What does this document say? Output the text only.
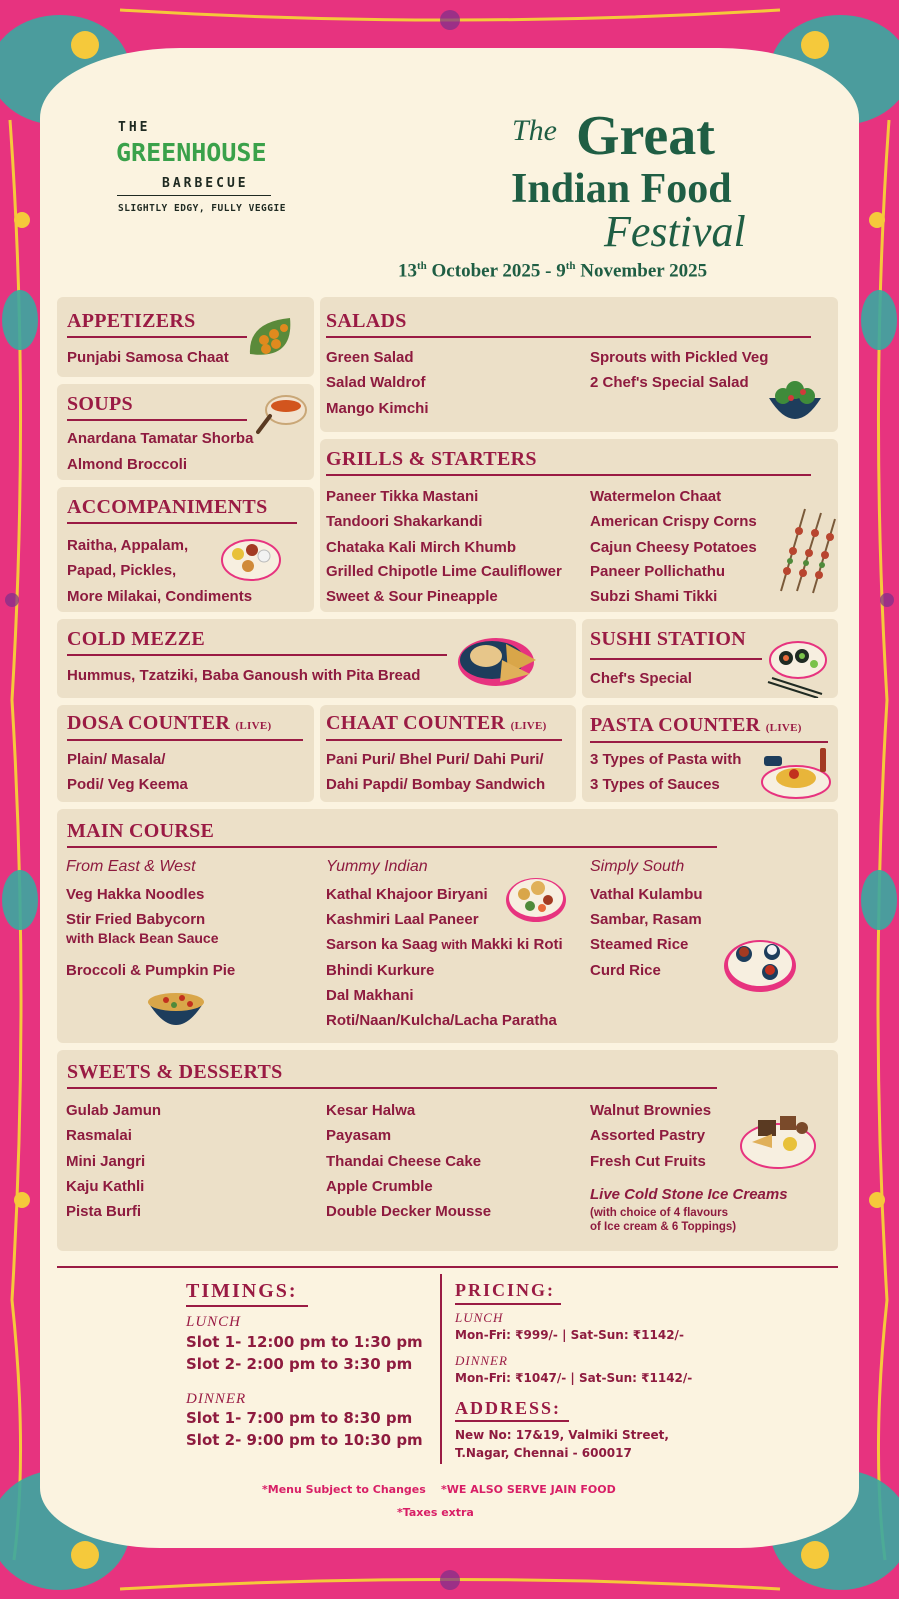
THE
GREENHOUSE
BARBECUE
SLIGHTLY EDGY, FULLY VEGGIE
The Great
Indian Food
Festival
13th October 2025 - 9th November 2025
APPETIZERS
Punjabi Samosa Chaat
SALADS
Green Salad
Salad Waldrof
Mango Kimchi
Sprouts with Pickled Veg
2 Chef's Special Salad
SOUPS
Anardana Tamatar Shorba
Almond Broccoli	GRILLS & STARTERS
Paneer Tikka Mastani
Tandoori Shakarkandi
Chataka Kali Mirch Khumb
Grilled Chipotle Lime Cauliflower
Sweet & Sour Pineapple
Watermelon Chaat
American Crispy Corns
Cajun Cheesy Potatoes
Paneer Pollichathu
Subzi Shami Tikki
ACCOMPANIMENTS
Raitha, Appalam,
Papad, Pickles,
More Milakai, Condiments
COLD MEZZE
Hummus, Tzatziki, Baba Ganoush with Pita Bread
SUSHI STATION
Chef's Special
DOSA COUNTER (LIVE)
Plain/ Masala/
Podi/ Veg Keema
CHAAT COUNTER (LIVE)
Pani Puri/ Bhel Puri/ Dahi Puri/
Dahi Papdi/ Bombay Sandwich
PASTA COUNTER (LIVE)
3 Types of Pasta with
3 Types of Sauces
MAIN COURSE
From East & West
Veg Hakka Noodles
Stir Fried Babycorn
with Black Bean Sauce
Broccoli & Pumpkin Pie
Yummy Indian
Kathal Khajoor Biryani
Kashmiri Laal Paneer
Sarson ka Saag with Makki ki Roti
Bhindi Kurkure
Dal Makhani
Roti/Naan/Kulcha/Lacha Paratha
Simply South
Vathal Kulambu
Sambar, Rasam
Steamed Rice
Curd Rice
SWEETS & DESSERTS
Gulab Jamun
Rasmalai
Mini Jangri
Kaju Kathli
Pista Burfi
Kesar Halwa
Payasam
Thandai Cheese Cake
Apple Crumble
Double Decker Mousse
Walnut Brownies
Assorted Pastry
Fresh Cut Fruits
Live Cold Stone Ice Creams
(with choice of 4 flavours
of Ice cream & 6 Toppings)
TIMINGS:
LUNCH
Slot 1- 12:00 pm to 1:30 pm
Slot 2- 2:00 pm to 3:30 pm
DINNER
Slot 1- 7:00 pm to 8:30 pm
Slot 2- 9:00 pm to 10:30 pm
PRICING:
LUNCH
Mon-Fri: ₹999/- | Sat-Sun: ₹1142/-
DINNER
Mon-Fri: ₹1047/- | Sat-Sun: ₹1142/-
ADDRESS:
New No: 17&19, Valmiki Street,
T.Nagar, Chennai - 600017
*Menu Subject to Changes *WE ALSO SERVE JAIN FOOD
*Taxes extra
